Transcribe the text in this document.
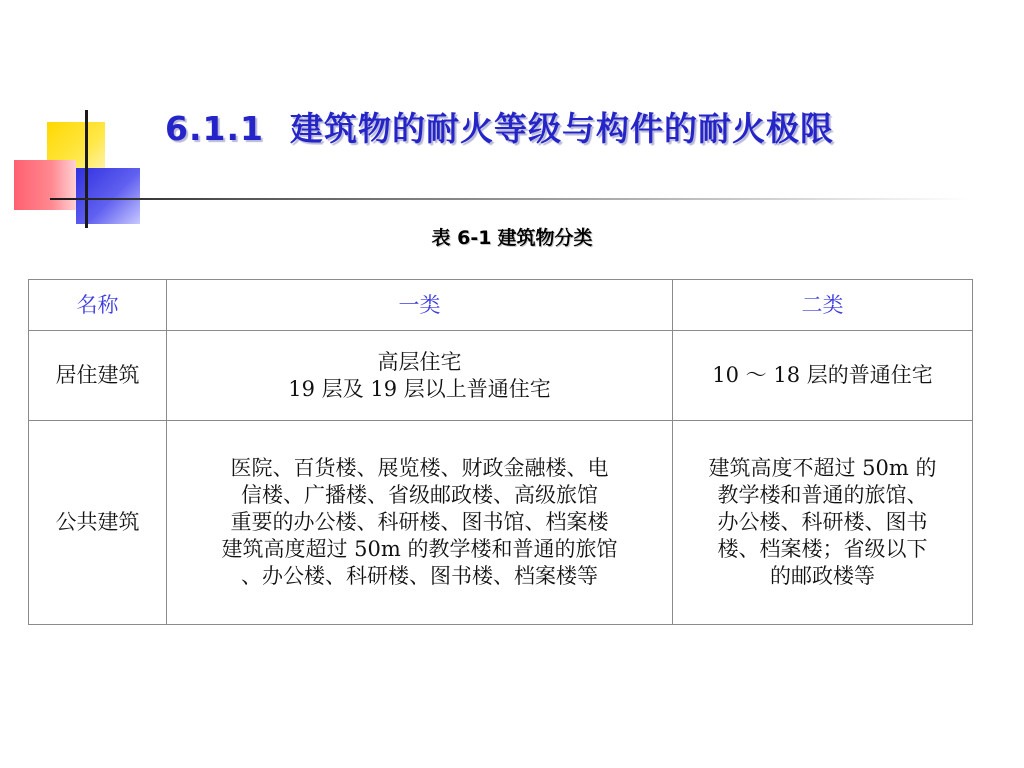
6.1.1 建筑物的耐火等级与构件的耐火极限
表 6-1 建筑物分类
名称	一类	二类
居住建筑	高层住宅
19 层及 19 层以上普通住宅	10 ～ 18 层的普通住宅

公共建筑	医院、百货楼、展览楼、财政金融楼、电
信楼、广播楼、省级邮政楼、高级旅馆
重要的办公楼、科研楼、图书馆、档案楼
建筑高度超过 50m 的教学楼和普通的旅馆
、办公楼、科研楼、图书楼、档案楼等	建筑高度不超过 50m 的
教学楼和普通的旅馆、
办公楼、科研楼、图书
楼、档案楼；省级以下
的邮政楼等
